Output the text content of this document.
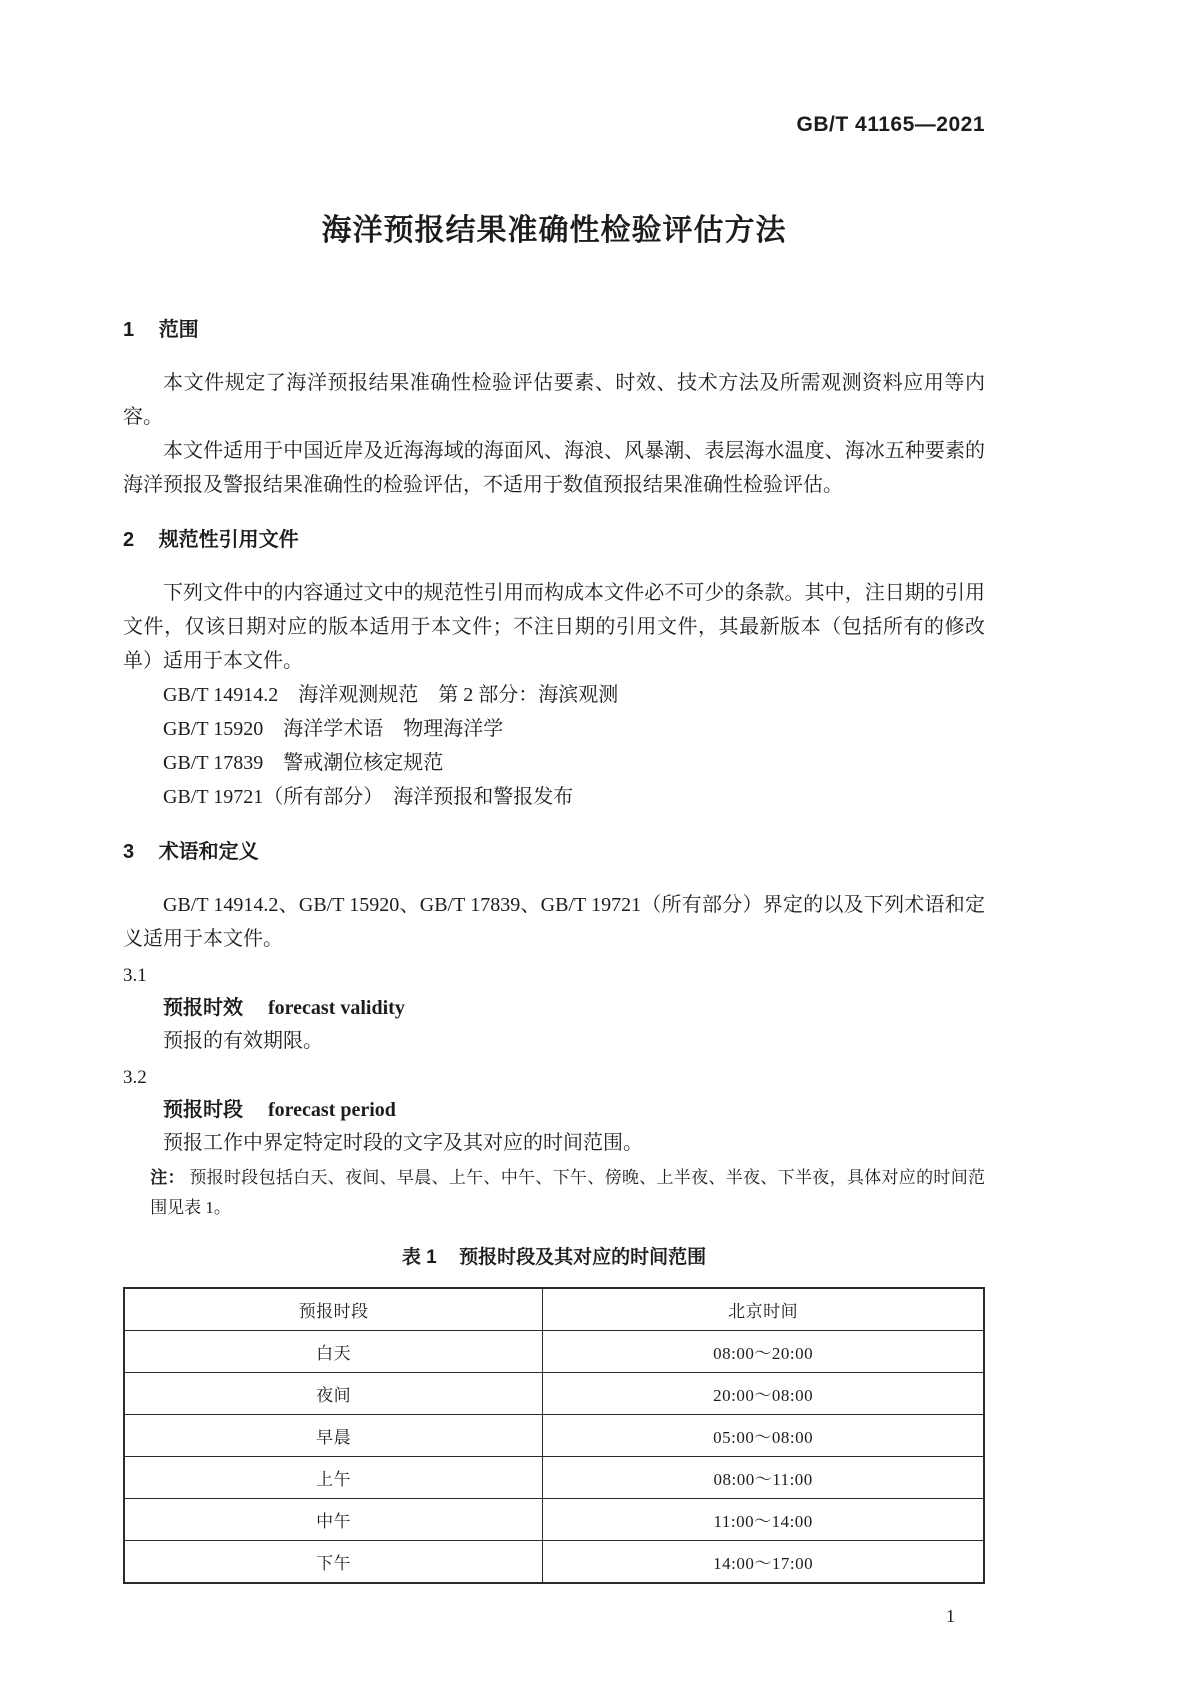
GB/T 41165—2021
海洋预报结果准确性检验评估方法
1 范围

本文件规定了海洋预报结果准确性检验评估要素、时效、技术方法及所需观测资料应用等内容。

本文件适用于中国近岸及近海海域的海面风、海浪、风暴潮、表层海水温度、海冰五种要素的海洋预报及警报结果准确性的检验评估，不适用于数值预报结果准确性检验评估。

2 规范性引用文件

下列文件中的内容通过文中的规范性引用而构成本文件必不可少的条款。其中，注日期的引用文件，仅该日期对应的版本适用于本文件；不注日期的引用文件，其最新版本（包括所有的修改单）适用于本文件。

GB/T 14914.2　海洋观测规范　第 2 部分：海滨观测

GB/T 15920　海洋学术语　物理海洋学

GB/T 17839　警戒潮位核定规范

GB/T 19721（所有部分）　海洋预报和警报发布

3 术语和定义

GB/T 14914.2、GB/T 15920、GB/T 17839、GB/T 19721（所有部分）界定的以及下列术语和定义适用于本文件。

3.1

预报时效 forecast validity

预报的有效期限。

3.2

预报时段 forecast period

预报工作中界定特定时段的文字及其对应的时间范围。

注： 预报时段包括白天、夜间、早晨、上午、中午、下午、傍晚、上半夜、半夜、下半夜，具体对应的时间范围见表 1。

表 1 预报时段及其对应的时间范围

预报时段	北京时间
白天	08:00～20:00
夜间	20:00～08:00
早晨	05:00～08:00
上午	08:00～11:00
中午	11:00～14:00
下午	14:00～17:00
1
